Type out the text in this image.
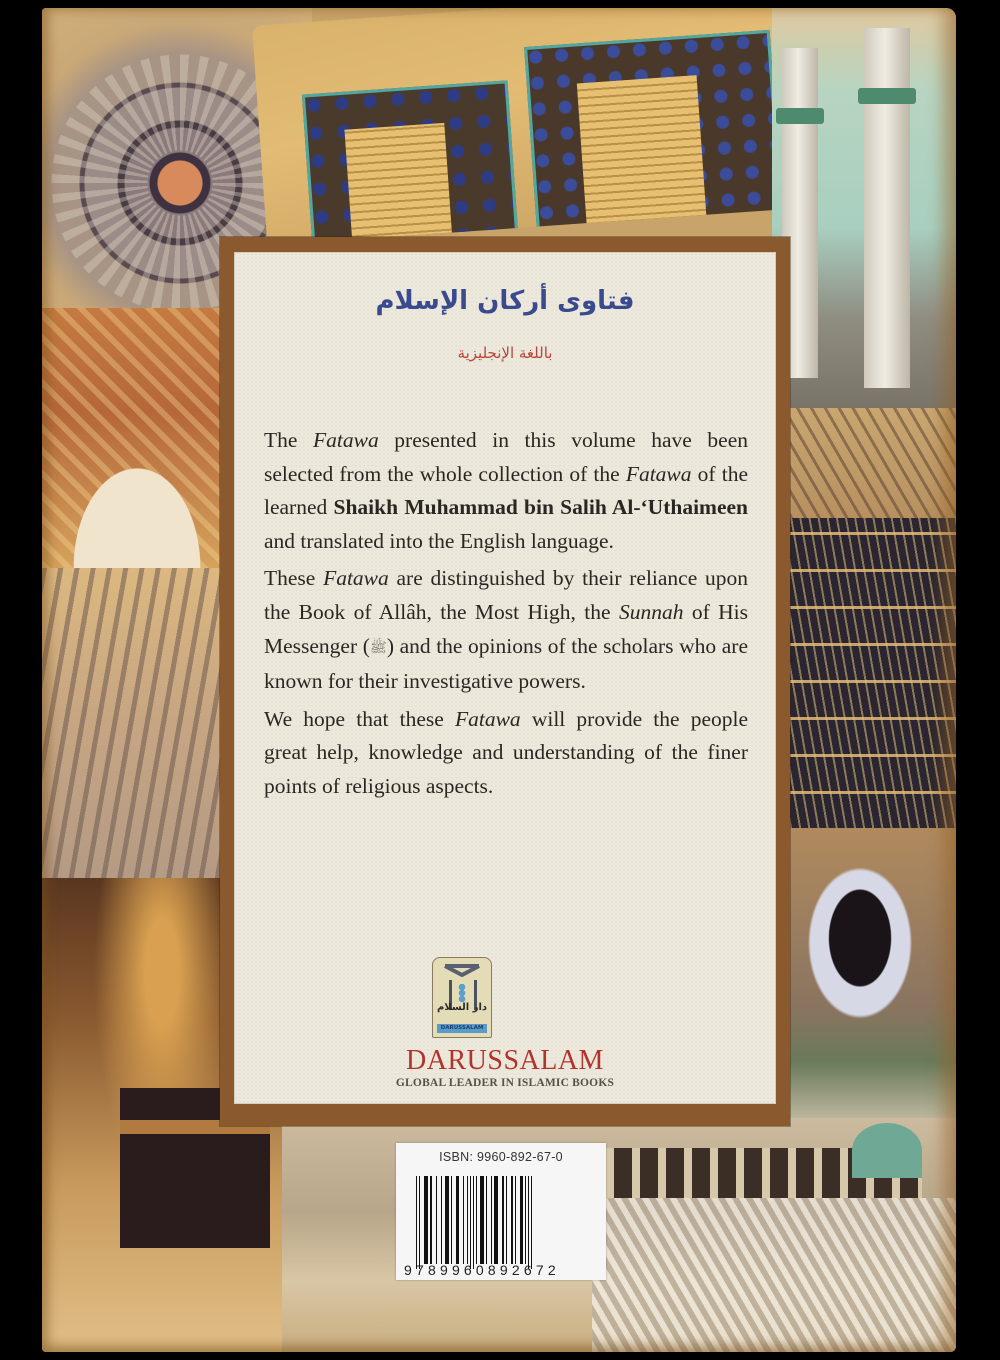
فتاوى أركان الإسلام
باللغة الإنجليزية

The Fatawa presented in this volume have been selected from the whole collection of the Fatawa of the learned Shaikh Muhammad bin Salih Al-‘Uthaimeen and translated into the English language.

These Fatawa are distinguished by their reliance upon the Book of Allâh, the Most High, the Sunnah of His Messenger (ﷺ) and the opinions of the scholars who are known for their investigative powers.

We hope that these Fatawa will provide the people great help, knowledge and understanding of the finer points of religious aspects.

دار السلام
DARUSSALAM
DARUSSALAM
GLOBAL LEADER IN ISLAMIC BOOKS
ISBN: 9960-892-67-0
9789960892672
